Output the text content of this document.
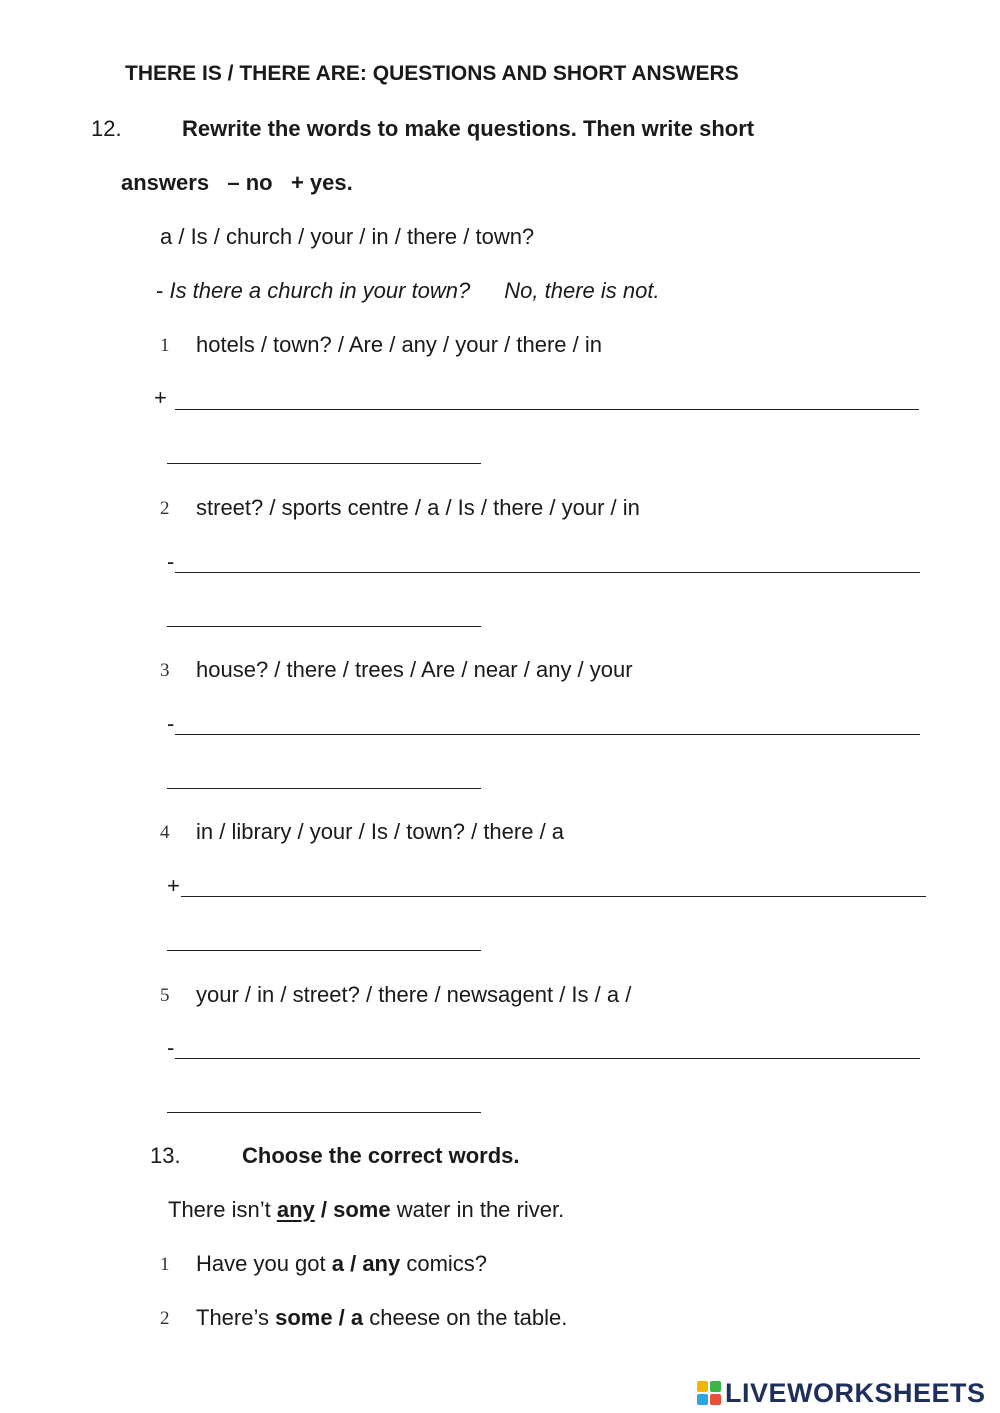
THERE IS / THERE ARE: QUESTIONS AND SHORT ANSWERS
12.	Rewrite the words to make questions. Then write short
answers   – no   + yes.
a / Is / church / your / in / there / town?
- Is there a church in your town? No, there is not.
1 hotels / town? / Are / any / your / there / in
+
2 street? / sports centre / a / Is / there / your / in
-
3 house? / there / trees / Are / near / any / your
-
4 in / library / your / Is / town? / there / a
+
5 your / in / street? / there / newsagent / Is / a /
-
13.	Choose the correct words.
There isn’t any / some water in the river.
1 Have you got a / any comics?
2 There’s some / a cheese on the table.
LIVEWORKSHEETS
